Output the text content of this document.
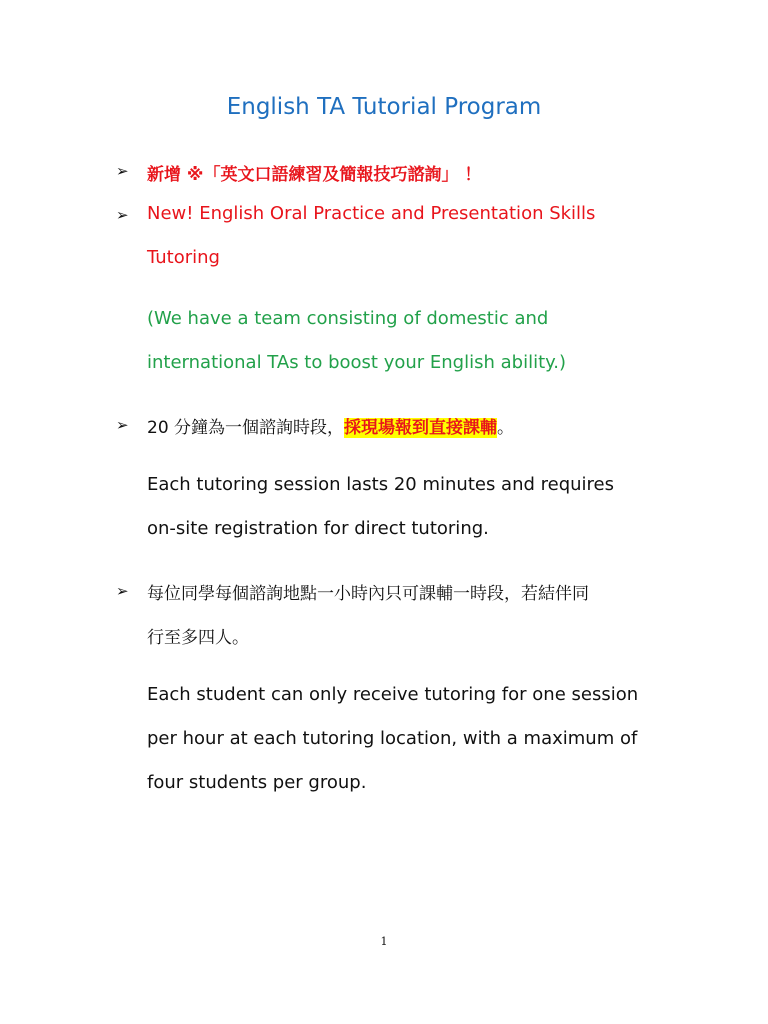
English TA Tutorial Program
➢ 新增 ※「英文口語練習及簡報技巧諮詢」 ！
➢ New! English Oral Practice and Presentation Skills
Tutoring
(We have a team consisting of domestic and
international TAs to boost your English ability.)
➢ 20 分鐘為一個諮詢時段，採現場報到直接課輔。
Each tutoring session lasts 20 minutes and requires
on-site registration for direct tutoring.
➢ 每位同學每個諮詢地點一小時內只可課輔一時段，若結伴同
行至多四人。
Each student can only receive tutoring for one session
per hour at each tutoring location, with a maximum of
four students per group.
1
